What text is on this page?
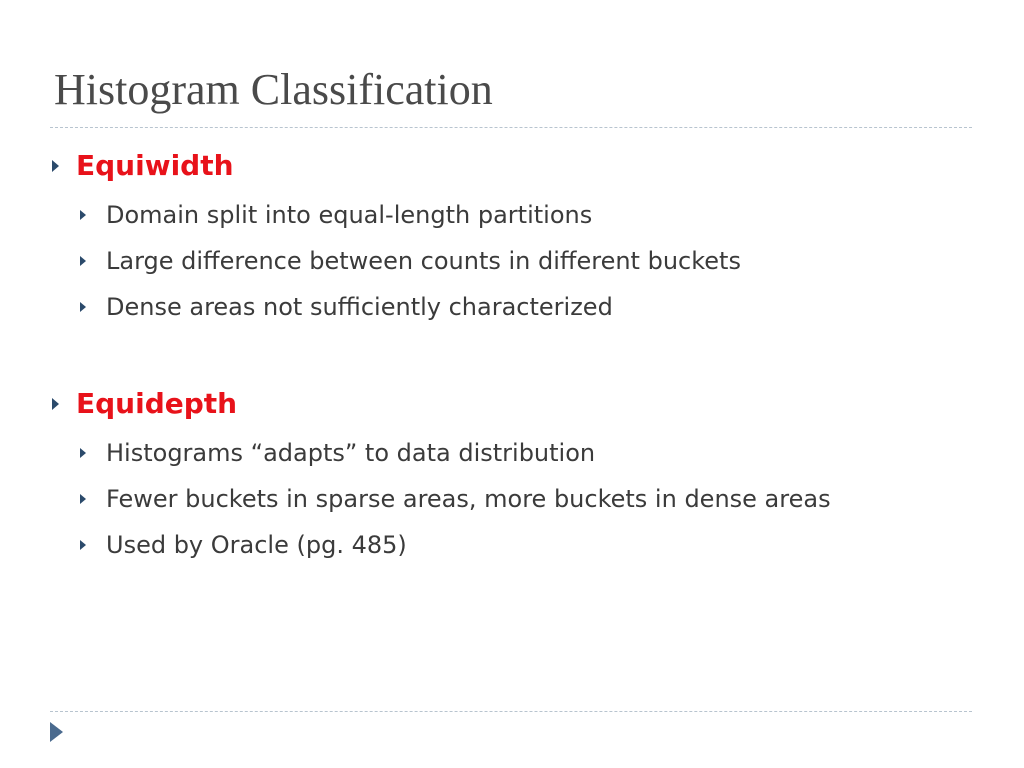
Histogram Classification
Equiwidth
Domain split into equal-length partitions
Large difference between counts in different buckets
Dense areas not sufficiently characterized
Equidepth
Histograms “adapts” to data distribution
Fewer buckets in sparse areas, more buckets in dense areas
Used by Oracle (pg. 485)
